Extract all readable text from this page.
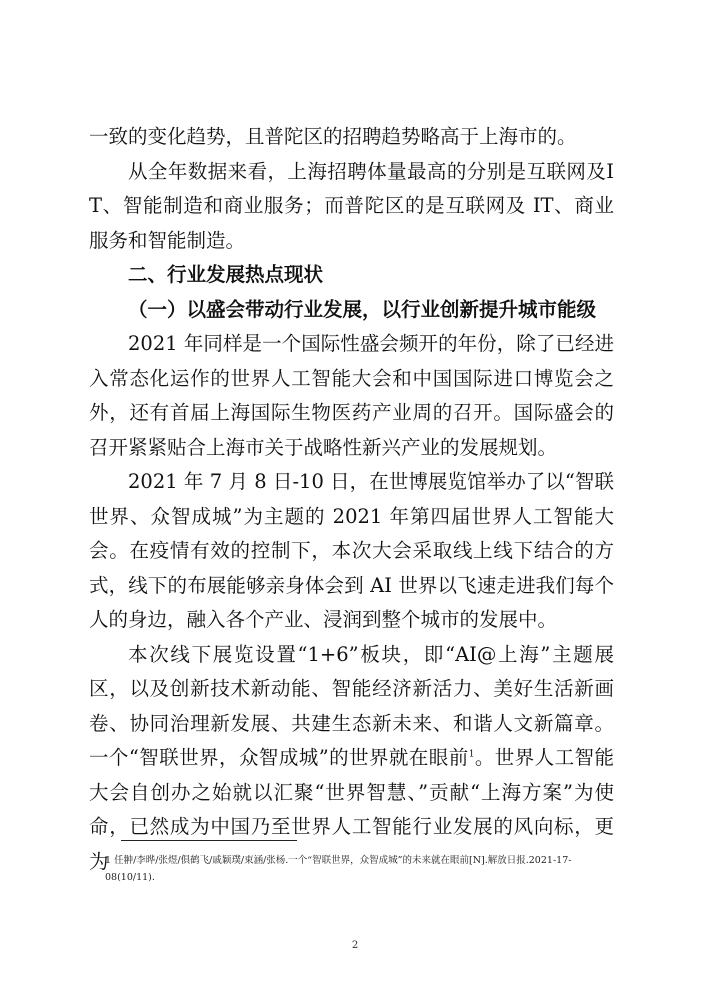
一致的变化趋势，且普陀区的招聘趋势略高于上海市的。

从全年数据来看，上海招聘体量最高的分别是互联网及IT、智能制造和商业服务；而普陀区的是互联网及 IT、商业服务和智能制造。

二、行业发展热点现状

（一）以盛会带动行业发展，以行业创新提升城市能级

2021 年同样是一个国际性盛会频开的年份，除了已经进入常态化运作的世界人工智能大会和中国国际进口博览会之外，还有首届上海国际生物医药产业周的召开。国际盛会的召开紧紧贴合上海市关于战略性新兴产业的发展规划。

2021 年 7 月 8 日-10 日，在世博展览馆举办了以“智联世界、众智成城”为主题的 2021 年第四届世界人工智能大会。在疫情有效的控制下，本次大会采取线上线下结合的方式，线下的布展能够亲身体会到 AI 世界以飞速走进我们每个人的身边，融入各个产业、浸润到整个城市的发展中。

本次线下展览设置“1+6”板块，即“AI@上海”主题展区，以及创新技术新动能、智能经济新活力、美好生活新画卷、协同治理新发展、共建生态新未来、和谐人文新篇章。一个“智联世界，众智成城”的世界就在眼前$^1$。世界人工智能大会自创办之始就以汇聚“世界智慧、”贡献“上海方案”为使命，已然成为中国乃至世界人工智能行业发展的风向标，更为

1 任翀/李晔/张煜/俱鹤飞/戚颖璞/束涵/张杨.一个“智联世界，众智成城”的未来就在眼前[N].解放日报.2021-17-08(10/11).

2
